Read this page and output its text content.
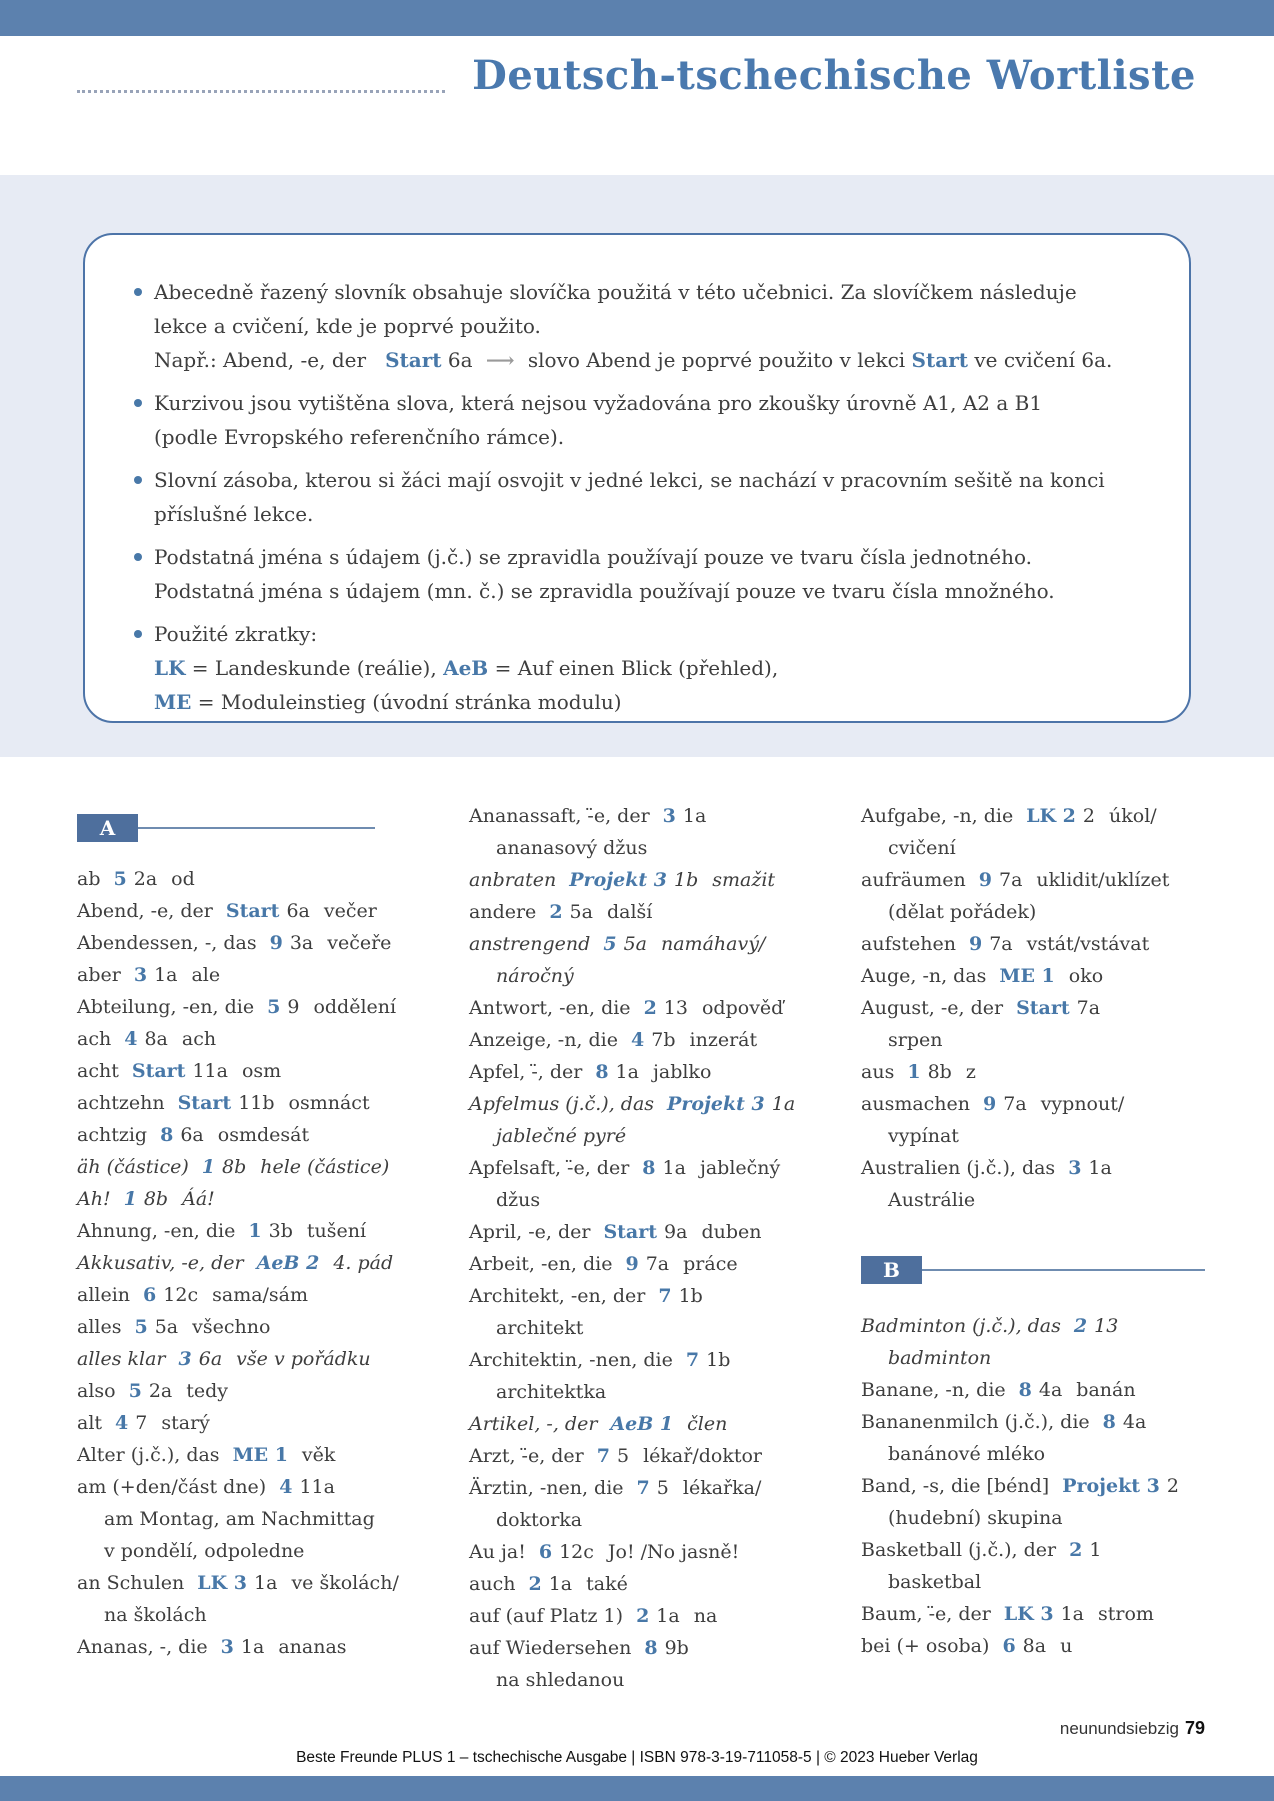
Deutsch-tschechische Wortliste
Abecedně řazený slovník obsahuje slovíčka použitá v této učebnici. Za slovíčkem následuje
lekce a cvičení, kde je poprvé použito.
Např.: Abend, -e, der   Start 6a  ⟶  slovo Abend je poprvé použito v lekci Start ve cvičení 6a.
Kurzivou jsou vytištěna slova, která nejsou vyžadována pro zkoušky úrovně A1, A2 a B1
(podle Evropského referenčního rámce).
Slovní zásoba, kterou si žáci mají osvojit v jedné lekci, se nachází v pracovním sešitě na konci
příslušné lekce.
Podstatná jména s údajem (j.č.) se zpravidla používají pouze ve tvaru čísla jednotného.
Podstatná jména s údajem (mn. č.) se zpravidla používají pouze ve tvaru čísla množného.
Použité zkratky:
LK = Landeskunde (reálie), AeB = Auf einen Blick (přehled),
ME = Moduleinstieg (úvodní stránka modulu)
A
ab 5 2a od
Abend, -e, der Start 6a večer
Abendessen, -, das 9 3a večeře
aber 3 1a ale
Abteilung, -en, die 5 9 oddělení
ach 4 8a ach
acht Start 11a osm
achtzehn Start 11b osmnáct
achtzig 8 6a osmdesát
äh (částice) 1 8b hele (částice)
Ah! 1 8b Áá!
Ahnung, -en, die 1 3b tušení
Akkusativ, -e, der AeB 2 4. pád
allein 6 12c sama/sám
alles 5 5a všechno
alles klar 3 6a vše v pořádku
also 5 2a tedy
alt 4 7 starý
Alter (j.č.), das ME 1 věk
am (+den/část dne) 4 11a
am Montag, am Nachmittag
v pondělí, odpoledne
an Schulen LK 3 1a ve školách/
na školách
Ananas, -, die 3 1a ananas
Ananassaft, -̈e, der 3 1a
ananasový džus
anbraten Projekt 3 1b smažit
andere 2 5a další
anstrengend 5 5a namáhavý/
náročný
Antwort, -en, die 2 13 odpověď
Anzeige, -n, die 4 7b inzerát
Apfel, -̈, der 8 1a jablko
Apfelmus (j.č.), das Projekt 3 1a
jablečné pyré
Apfelsaft, -̈e, der 8 1a jablečný
džus
April, -e, der Start 9a duben
Arbeit, -en, die 9 7a práce
Architekt, -en, der 7 1b
architekt
Architektin, -nen, die 7 1b
architektka
Artikel, -, der AeB 1 člen
Arzt, -̈e, der 7 5 lékař/doktor
Ärztin, -nen, die 7 5 lékařka/
doktorka
Au ja! 6 12c Jo! /No jasně!
auch 2 1a také
auf (auf Platz 1) 2 1a na
auf Wiedersehen 8 9b
na shledanou
Aufgabe, -n, die LK 2 2 úkol/
cvičení
aufräumen 9 7a uklidit/uklízet
(dělat pořádek)
aufstehen 9 7a vstát/vstávat
Auge, -n, das ME 1 oko
August, -e, der Start 7a
srpen
aus 1 8b z
ausmachen 9 7a vypnout/
vypínat
Australien (j.č.), das 3 1a
Austrálie
B
Badminton (j.č.), das 2 13
badminton
Banane, -n, die 8 4a banán
Bananenmilch (j.č.), die 8 4a
banánové mléko
Band, -s, die [bénd] Projekt 3 2
(hudební) skupina
Basketball (j.č.), der 2 1
basketbal
Baum, -̈e, der LK 3 1a strom
bei (+ osoba) 6 8a u
neunundsiebzig 79
Beste Freunde PLUS 1 – tschechische Ausgabe | ISBN 978-3-19-711058-5 | © 2023 Hueber Verlag
